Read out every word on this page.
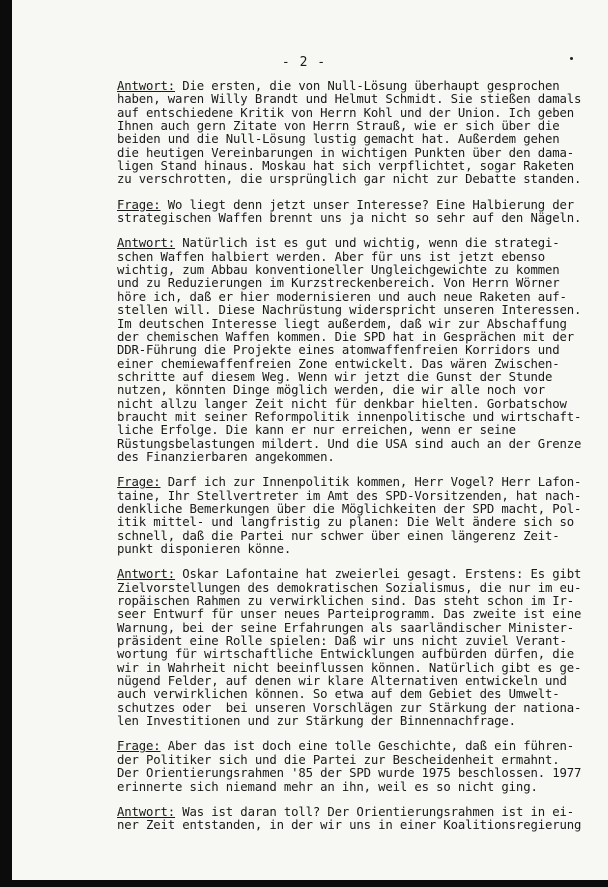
- 2 -
Antwort: Die ersten, die von Null-Lösung überhaupt gesprochen
haben, waren Willy Brandt und Helmut Schmidt. Sie stießen damals
auf entschiedene Kritik von Herrn Kohl und der Union. Ich geben
Ihnen auch gern Zitate von Herrn Strauß, wie er sich über die
beiden und die Null-Lösung lustig gemacht hat. Außerdem gehen
die heutigen Vereinbarungen in wichtigen Punkten über den dama-
ligen Stand hinaus. Moskau hat sich verpflichtet, sogar Raketen
zu verschrotten, die ursprünglich gar nicht zur Debatte standen.
Frage: Wo liegt denn jetzt unser Interesse? Eine Halbierung der
strategischen Waffen brennt uns ja nicht so sehr auf den Nägeln.
Antwort: Natürlich ist es gut und wichtig, wenn die strategi-
schen Waffen halbiert werden. Aber für uns ist jetzt ebenso
wichtig, zum Abbau konventioneller Ungleichgewichte zu kommen
und zu Reduzierungen im Kurzstreckenbereich. Von Herrn Wörner
höre ich, daß er hier modernisieren und auch neue Raketen auf-
stellen will. Diese Nachrüstung widerspricht unseren Interessen.
Im deutschen Interesse liegt außerdem, daß wir zur Abschaffung
der chemischen Waffen kommen. Die SPD hat in Gesprächen mit der
DDR-Führung die Projekte eines atomwaffenfreien Korridors und
einer chemiewaffenfreien Zone entwickelt. Das wären Zwischen-
schritte auf diesem Weg. Wenn wir jetzt die Gunst der Stunde
nutzen, könnten Dinge möglich werden, die wir alle noch vor
nicht allzu langer Zeit nicht für denkbar hielten. Gorbatschow
braucht mit seiner Reformpolitik innenpolitische und wirtschaft-
liche Erfolge. Die kann er nur erreichen, wenn er seine
Rüstungsbelastungen mildert. Und die USA sind auch an der Grenze
des Finanzierbaren angekommen.
Frage: Darf ich zur Innenpolitik kommen, Herr Vogel? Herr Lafon-
taine, Ihr Stellvertreter im Amt des SPD-Vorsitzenden, hat nach-
denkliche Bemerkungen über die Möglichkeiten der SPD macht, Pol-
itik mittel- und langfristig zu planen: Die Welt ändere sich so
schnell, daß die Partei nur schwer über einen längerenz Zeit-
punkt disponieren könne.
Antwort: Oskar Lafontaine hat zweierlei gesagt. Erstens: Es gibt
Zielvorstellungen des demokratischen Sozialismus, die nur im eu-
ropäischen Rahmen zu verwirklichen sind. Das steht schon im Ir-
seer Entwurf für unser neues Parteiprogramm. Das zweite ist eine
Warnung, bei der seine Erfahrungen als saarländischer Minister-
präsident eine Rolle spielen: Daß wir uns nicht zuviel Verant-
wortung für wirtschaftliche Entwicklungen aufbürden dürfen, die
wir in Wahrheit nicht beeinflussen können. Natürlich gibt es ge-
nügend Felder, auf denen wir klare Alternativen entwickeln und
auch verwirklichen können. So etwa auf dem Gebiet des Umwelt-
schutzes oder  bei unseren Vorschlägen zur Stärkung der nationa-
len Investitionen und zur Stärkung der Binnennachfrage.
Frage: Aber das ist doch eine tolle Geschichte, daß ein führen-
der Politiker sich und die Partei zur Bescheidenheit ermahnt.
Der Orientierungsrahmen '85 der SPD wurde 1975 beschlossen. 1977
erinnerte sich niemand mehr an ihn, weil es so nicht ging.
Antwort: Was ist daran toll? Der Orientierungsrahmen ist in ei-
ner Zeit entstanden, in der wir uns in einer Koalitionsregierung
